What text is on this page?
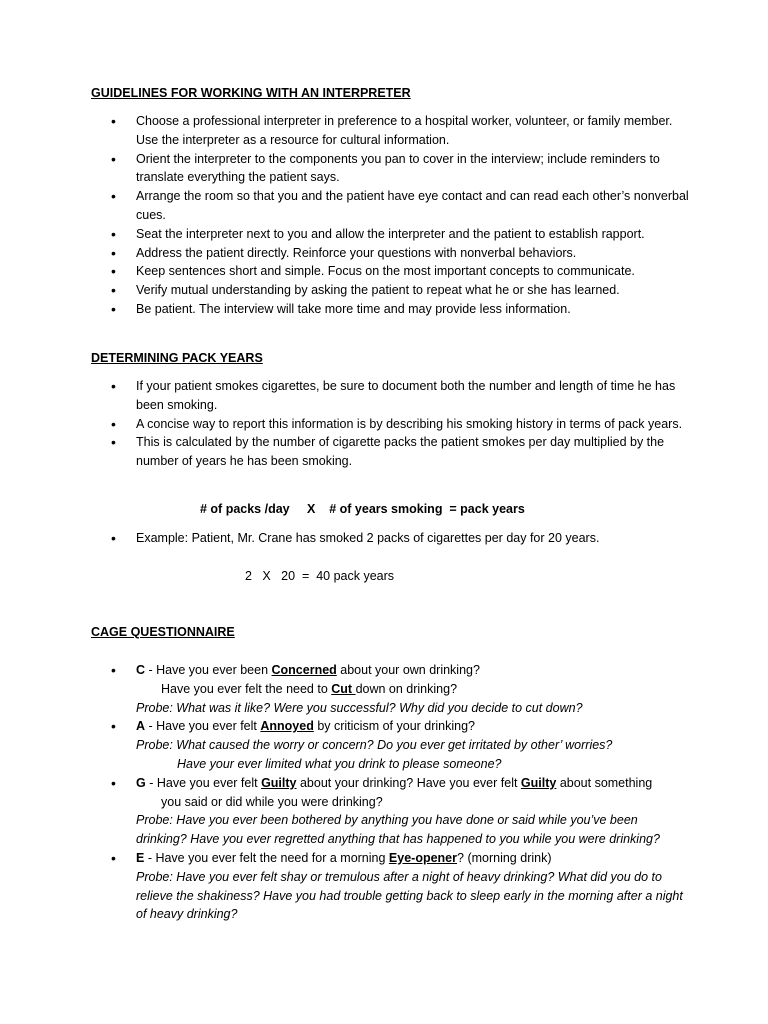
GUIDELINES FOR WORKING WITH AN INTERPRETER
• Choose a professional interpreter in preference to a hospital worker, volunteer, or family member. Use the interpreter as a resource for cultural information.
• Orient the interpreter to the components you pan to cover in the interview; include reminders to translate everything the patient says.
• Arrange the room so that you and the patient have eye contact and can read each other’s nonverbal cues.
• Seat the interpreter next to you and allow the interpreter and the patient to establish rapport.
• Address the patient directly. Reinforce your questions with nonverbal behaviors.
• Keep sentences short and simple. Focus on the most important concepts to communicate.
• Verify mutual understanding by asking the patient to repeat what he or she has learned.
• Be patient. The interview will take more time and may provide less information.
DETERMINING PACK YEARS
• If your patient smokes cigarettes, be sure to document both the number and length of time he has been smoking.
• A concise way to report this information is by describing his smoking history in terms of pack years.
• This is calculated by the number of cigarette packs the patient smokes per day multiplied by the number of years he has been smoking.
# of packs /day     X    # of years smoking  = pack years
• Example: Patient, Mr. Crane has smoked 2 packs of cigarettes per day for 20 years.
2   X   20  =  40 pack years
CAGE QUESTIONNAIRE
• C - Have you ever been Concerned about your own drinking?
Have you ever felt the need to Cut down on drinking?
Probe: What was it like? Were you successful? Why did you decide to cut down?
• A - Have you ever felt Annoyed by criticism of your drinking?
Probe: What caused the worry or concern? Do you ever get irritated by other’ worries?
Have your ever limited what you drink to please someone?
• G - Have you ever felt Guilty about your drinking? Have you ever felt Guilty about something
you said or did while you were drinking?
Probe: Have you ever been bothered by anything you have done or said while you’ve been drinking? Have you ever regretted anything that has happened to you while you were drinking?
• E - Have you ever felt the need for a morning Eye-opener? (morning drink)
Probe: Have you ever felt shay or tremulous after a night of heavy drinking? What did you do to relieve the shakiness? Have you had trouble getting back to sleep early in the morning after a night of heavy drinking?
